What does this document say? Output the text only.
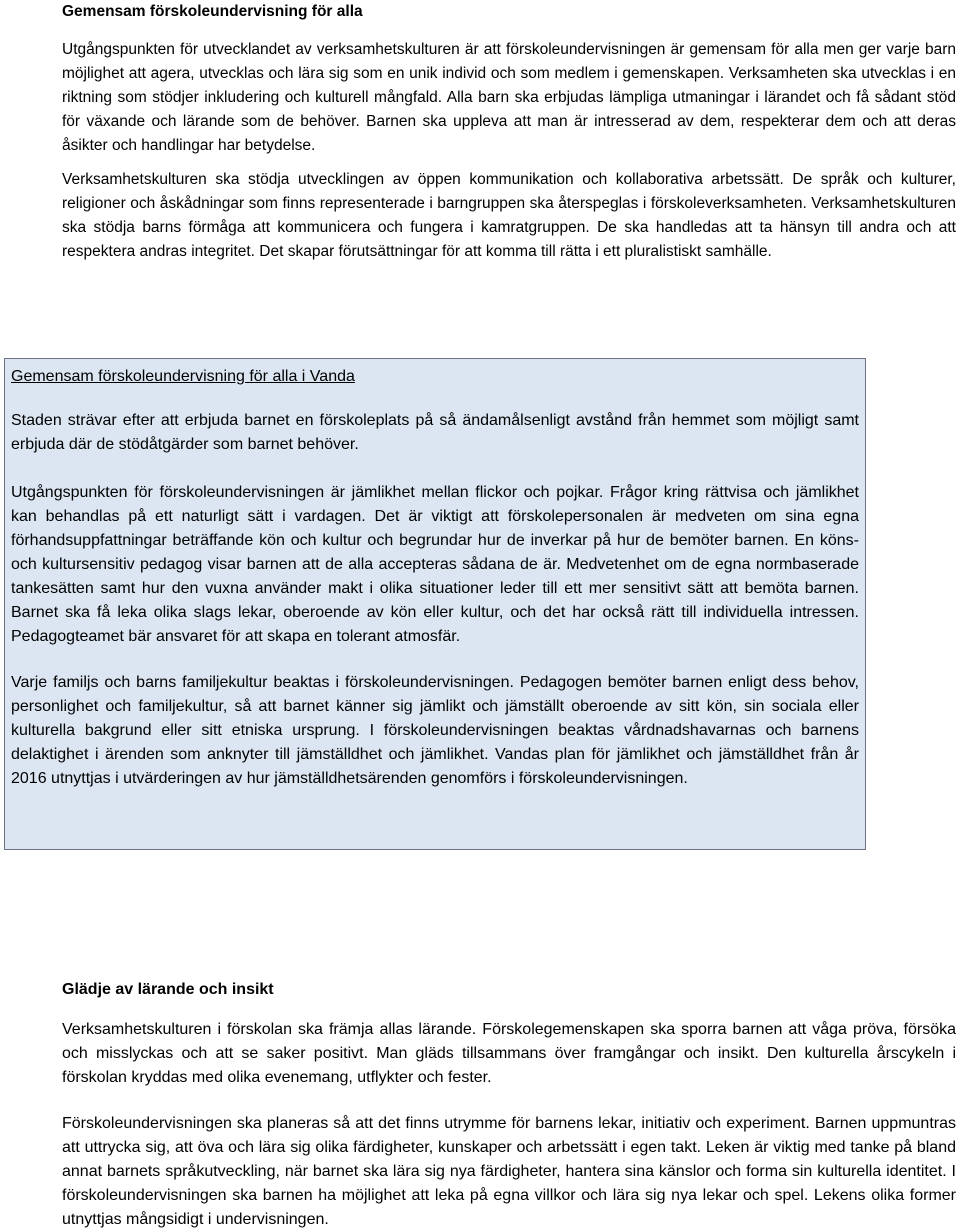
Gemensam förskoleundervisning för alla

Utgångspunkten för utvecklandet av verksamhetskulturen är att förskoleundervisningen är gemensam för alla men ger varje barn möjlighet att agera, utvecklas och lära sig som en unik individ och som medlem i gemenskapen. Verksamheten ska utvecklas i en riktning som stödjer inkludering och kulturell mångfald. Alla barn ska erbjudas lämpliga utmaningar i lärandet och få sådant stöd för växande och lärande som de behöver. Barnen ska uppleva att man är intresserad av dem, respekterar dem och att deras åsikter och handlingar har betydelse.

Verksamhetskulturen ska stödja utvecklingen av öppen kommunikation och kollaborativa arbetssätt. De språk och kulturer, religioner och åskådningar som finns representerade i barngruppen ska återspeglas i förskoleverksamheten. Verksamhetskulturen ska stödja barns förmåga att kommunicera och fungera i kamratgruppen. De ska handledas att ta hänsyn till andra och att respektera andras integritet. Det skapar förutsättningar för att komma till rätta i ett pluralistiskt samhälle.

Gemensam förskoleundervisning för alla i Vanda

Staden strävar efter att erbjuda barnet en förskoleplats på så ändamålsenligt avstånd från hemmet som möjligt samt erbjuda där de stödåtgärder som barnet behöver.

Utgångspunkten för förskoleundervisningen är jämlikhet mellan flickor och pojkar. Frågor kring rättvisa och jämlikhet kan behandlas på ett naturligt sätt i vardagen. Det är viktigt att förskolepersonalen är medveten om sina egna förhandsuppfattningar beträffande kön och kultur och begrundar hur de inverkar på hur de bemöter barnen. En köns- och kultursensitiv pedagog visar barnen att de alla accepteras sådana de är. Medvetenhet om de egna normbaserade tankesätten samt hur den vuxna använder makt i olika situationer leder till ett mer sensitivt sätt att bemöta barnen. Barnet ska få leka olika slags lekar, oberoende av kön eller kultur, och det har också rätt till individuella intressen. Pedagogteamet bär ansvaret för att skapa en tolerant atmosfär.

Varje familjs och barns familjekultur beaktas i förskoleundervisningen. Pedagogen bemöter barnen enligt dess behov, personlighet och familjekultur, så att barnet känner sig jämlikt och jämställt oberoende av sitt kön, sin sociala eller kulturella bakgrund eller sitt etniska ursprung. I förskoleundervisningen beaktas vårdnadshavarnas och barnens delaktighet i ärenden som anknyter till jämställdhet och jämlikhet. Vandas plan för jämlikhet och jämställdhet från år 2016 utnyttjas i utvärderingen av hur jämställdhetsärenden genomförs i förskoleundervisningen.

Glädje av lärande och insikt

Verksamhetskulturen i förskolan ska främja allas lärande. Förskolegemenskapen ska sporra barnen att våga pröva, försöka och misslyckas och att se saker positivt. Man gläds tillsammans över framgångar och insikt. Den kulturella årscykeln i förskolan kryddas med olika evenemang, utflykter och fester.

Förskoleundervisningen ska planeras så att det finns utrymme för barnens lekar, initiativ och experiment. Barnen uppmuntras att uttrycka sig, att öva och lära sig olika färdigheter, kunskaper och arbetssätt i egen takt. Leken är viktig med tanke på bland annat barnets språkutveckling, när barnet ska lära sig nya färdigheter, hantera sina känslor och forma sin kulturella identitet. I förskoleundervisningen ska barnen ha möjlighet att leka på egna villkor och lära sig nya lekar och spel. Lekens olika former utnyttjas mångsidigt i undervisningen.
